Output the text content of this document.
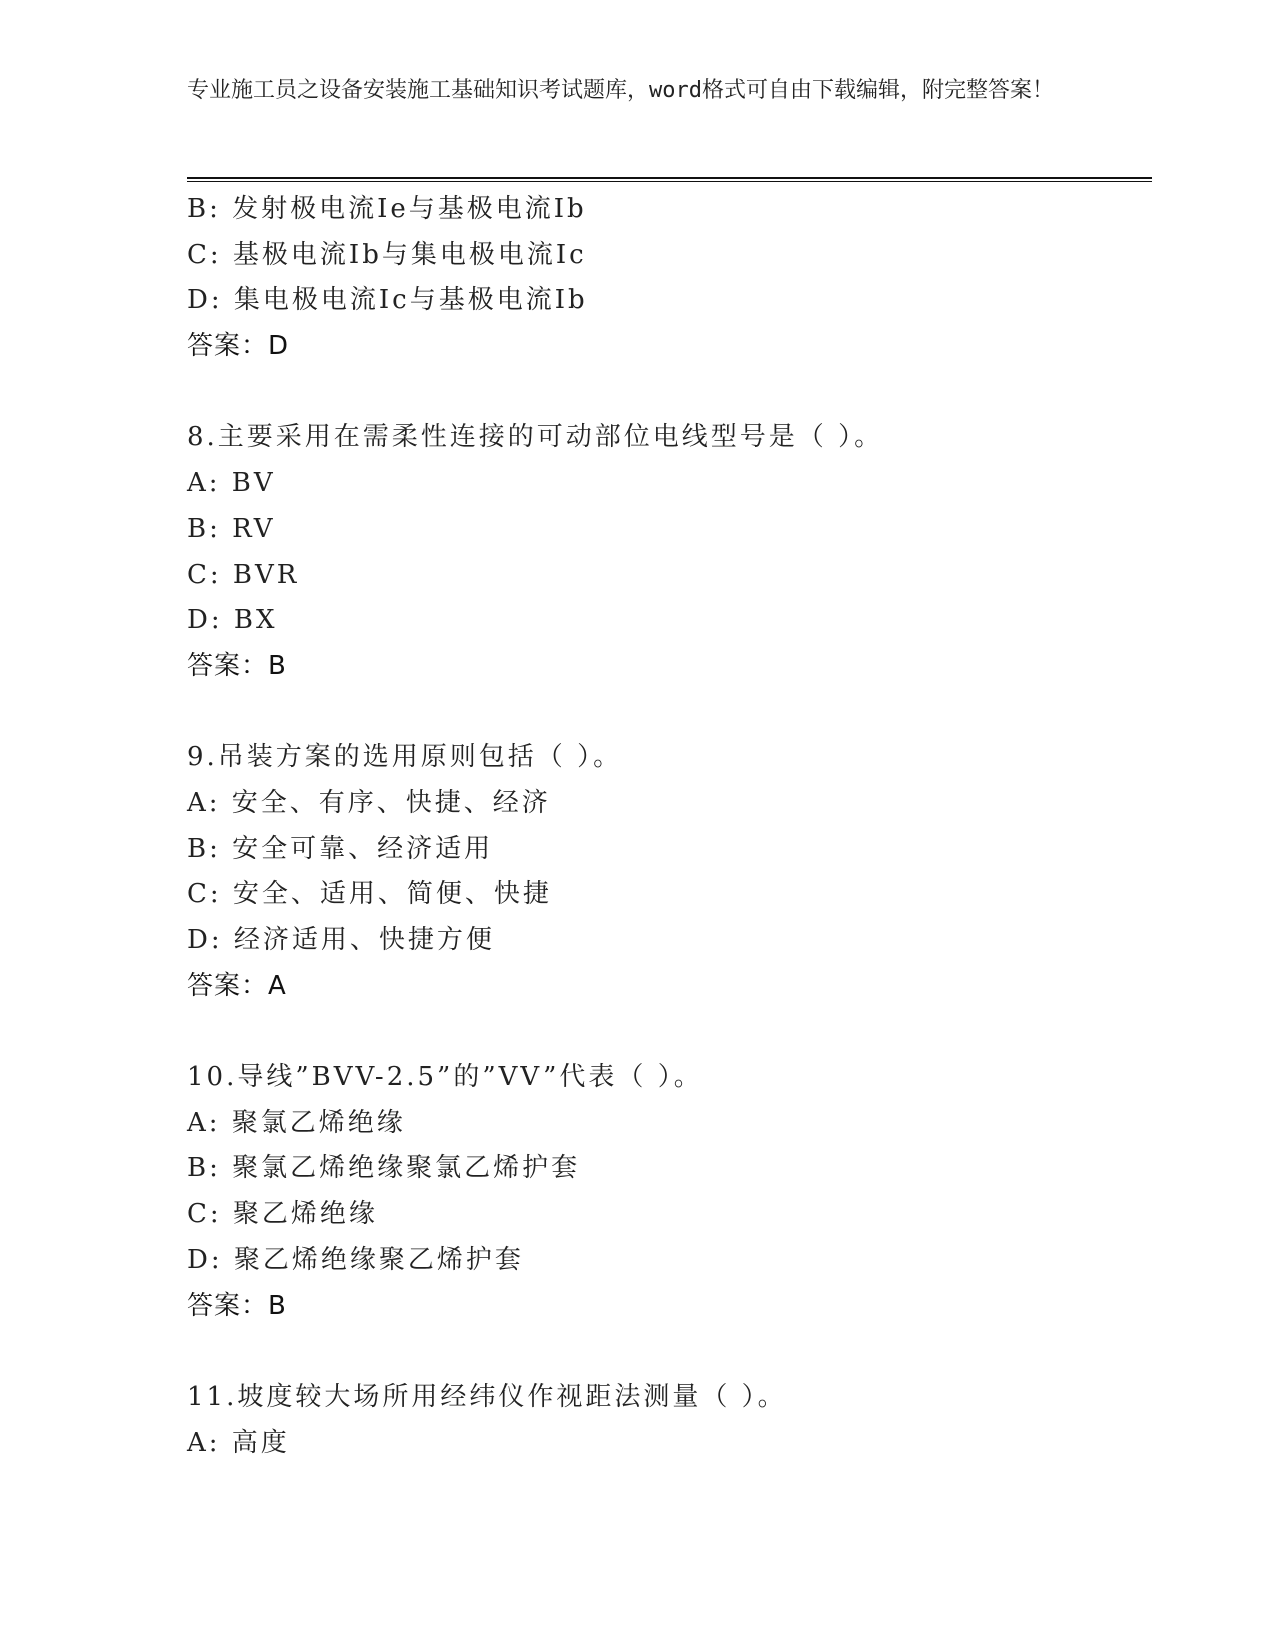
专业施工员之设备安装施工基础知识考试题库，word格式可自由下载编辑，附完整答案！
B: 发射极电流Ie与基极电流Ib
C: 基极电流Ib与集电极电流Ic
D: 集电极电流Ic与基极电流Ib
答案：D
8.主要采用在需柔性连接的可动部位电线型号是（ ）。
A: BV
B: RV
C: BVR
D: BX
答案：B
9.吊装方案的选用原则包括（ ）。
A: 安全、有序、快捷、经济
B: 安全可靠、经济适用
C: 安全、适用、简便、快捷
D: 经济适用、快捷方便
答案：A
10.导线”BVV-2.5”的”VV”代表（ ）。
A: 聚氯乙烯绝缘
B: 聚氯乙烯绝缘聚氯乙烯护套
C: 聚乙烯绝缘
D: 聚乙烯绝缘聚乙烯护套
答案：B
11.坡度较大场所用经纬仪作视距法测量（ ）。
A: 高度
